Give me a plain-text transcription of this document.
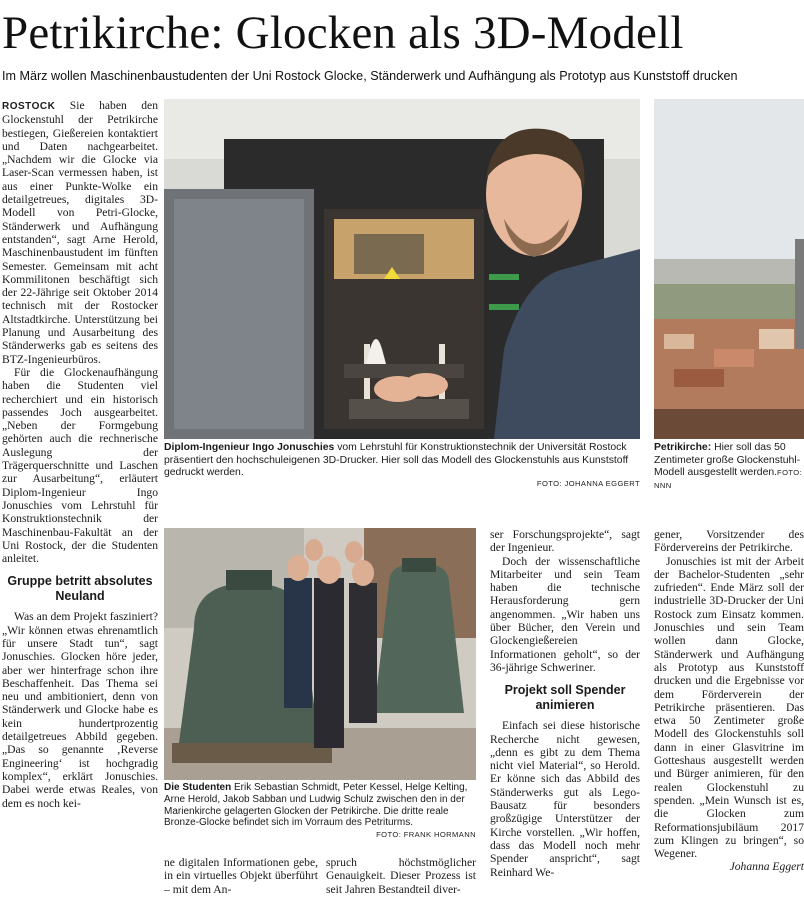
Petrikirche: Glocken als 3D-Modell
Im März wollen Maschinenbaustudenten der Uni Rostock Glocke, Ständerwerk und Aufhängung als Prototyp aus Kunststoff drucken

ROSTOCK Sie haben den Glockenstuhl der Petrikirche bestiegen, Gießereien kontaktiert und Daten nachgearbeitet. „Nachdem wir die Glocke via Laser-Scan vermessen haben, ist aus einer Punkte-Wolke ein detailgetreues, digitales 3D-Modell von Petri-Glocke, Ständerwerk und Aufhängung entstanden“, sagt Arne Herold, Maschinenbaustudent im fünften Semester. Gemeinsam mit acht Kommilitonen beschäftigt sich der 22-Jährige seit Oktober 2014 technisch mit der Rostocker Altstadtkirche. Unterstützung bei Planung und Ausarbeitung des Ständerwerks gab es seitens des BTZ-Ingenieurbüros.

Für die Glockenaufhängung haben die Studenten viel recherchiert und ein historisch passendes Joch ausgearbeitet. „Neben der Formgebung gehörten auch die rechnerische Auslegung der Trägerquerschnitte und Laschen zur Ausarbeitung“, erläutert Diplom-Ingenieur Ingo Jonuschies vom Lehrstuhl für Konstruktionstechnik der Maschinenbau-Fakultät an der Uni Rostock, der die Studenten anleitet.

Gruppe betritt absolutes Neuland

Was an dem Projekt fasziniert? „Wir können etwas ehrenamtlich für unsere Stadt tun“, sagt Jonuschies. Glocken höre jeder, aber wer hinterfrage schon ihre Beschaffenheit. Das Thema sei neu und ambitioniert, denn von Ständerwerk und Glocke habe es kein hundertprozentig detailgetreues Abbild gegeben. „Das so genannte ‚Reverse Engineering‘ ist hochgradig komplex“, erklärt Jonuschies. Dabei werde etwas Reales, von dem es noch kei-

Diplom-Ingenieur Ingo Jonuschies vom Lehrstuhl für Konstruktionstechnik der Universität Rostock präsentiert den hochschuleigenen 3D-Drucker. Hier soll das Modell des Glockenstuhls aus Kunststoff gedruckt werden.
FOTO: JOHANNA EGGERT
Petrikirche: Hier soll das 50 Zentimeter große Glockenstuhl-Modell ausgestellt werden.FOTO: NNN
Die Studenten Erik Sebastian Schmidt, Peter Kessel, Helge Kelting, Arne Herold, Jakob Sabban und Ludwig Schulz zwischen den in der Marienkirche gelagerten Glocken der Petrikirche. Die dritte reale Bronze-Glocke befindet sich im Vorraum des Petriturms.
FOTO: FRANK HORMANN

ne digitalen Informationen gebe, in ein virtuelles Objekt überführt – mit dem An-

spruch höchstmöglicher Genauigkeit. Dieser Prozess ist seit Jahren Bestandteil diver-

ser Forschungsprojekte“, sagt der Ingenieur.

Doch der wissenschaftliche Mitarbeiter und sein Team haben die technische Herausforderung gern angenommen. „Wir haben uns über Bücher, den Verein und Glockengießereien Informationen geholt“, so der 36-jährige Schweriner.

Projekt soll Spender animieren

Einfach sei diese historische Recherche nicht gewesen, „denn es gibt zu dem Thema nicht viel Material“, so Herold. Er könne sich das Abbild des Ständerwerks gut als Lego-Bausatz für besonders großzügige Unterstützer der Kirche vorstellen. „Wir hoffen, dass das Modell noch mehr Spender anspricht“, sagt Reinhard We-

gener, Vorsitzender des Fördervereins der Petrikirche.

Jonuschies ist mit der Arbeit der Bachelor-Studenten „sehr zufrieden“. Ende März soll der industrielle 3D-Drucker der Uni Rostock zum Einsatz kommen. Jonuschies und sein Team wollen dann Glocke, Ständerwerk und Aufhängung als Prototyp aus Kunststoff drucken und die Ergebnisse vor dem Förderverein der Petrikirche präsentieren. Das etwa 50 Zentimeter große Modell des Glockenstuhls soll dann in einer Glasvitrine im Gotteshaus ausgestellt werden und Bürger animieren, für den realen Glockenstuhl zu spenden. „Mein Wunsch ist es, die Glocken zum Reformationsjubiläum 2017 zum Klingen zu bringen“, so Wegener.

Johanna Eggert
